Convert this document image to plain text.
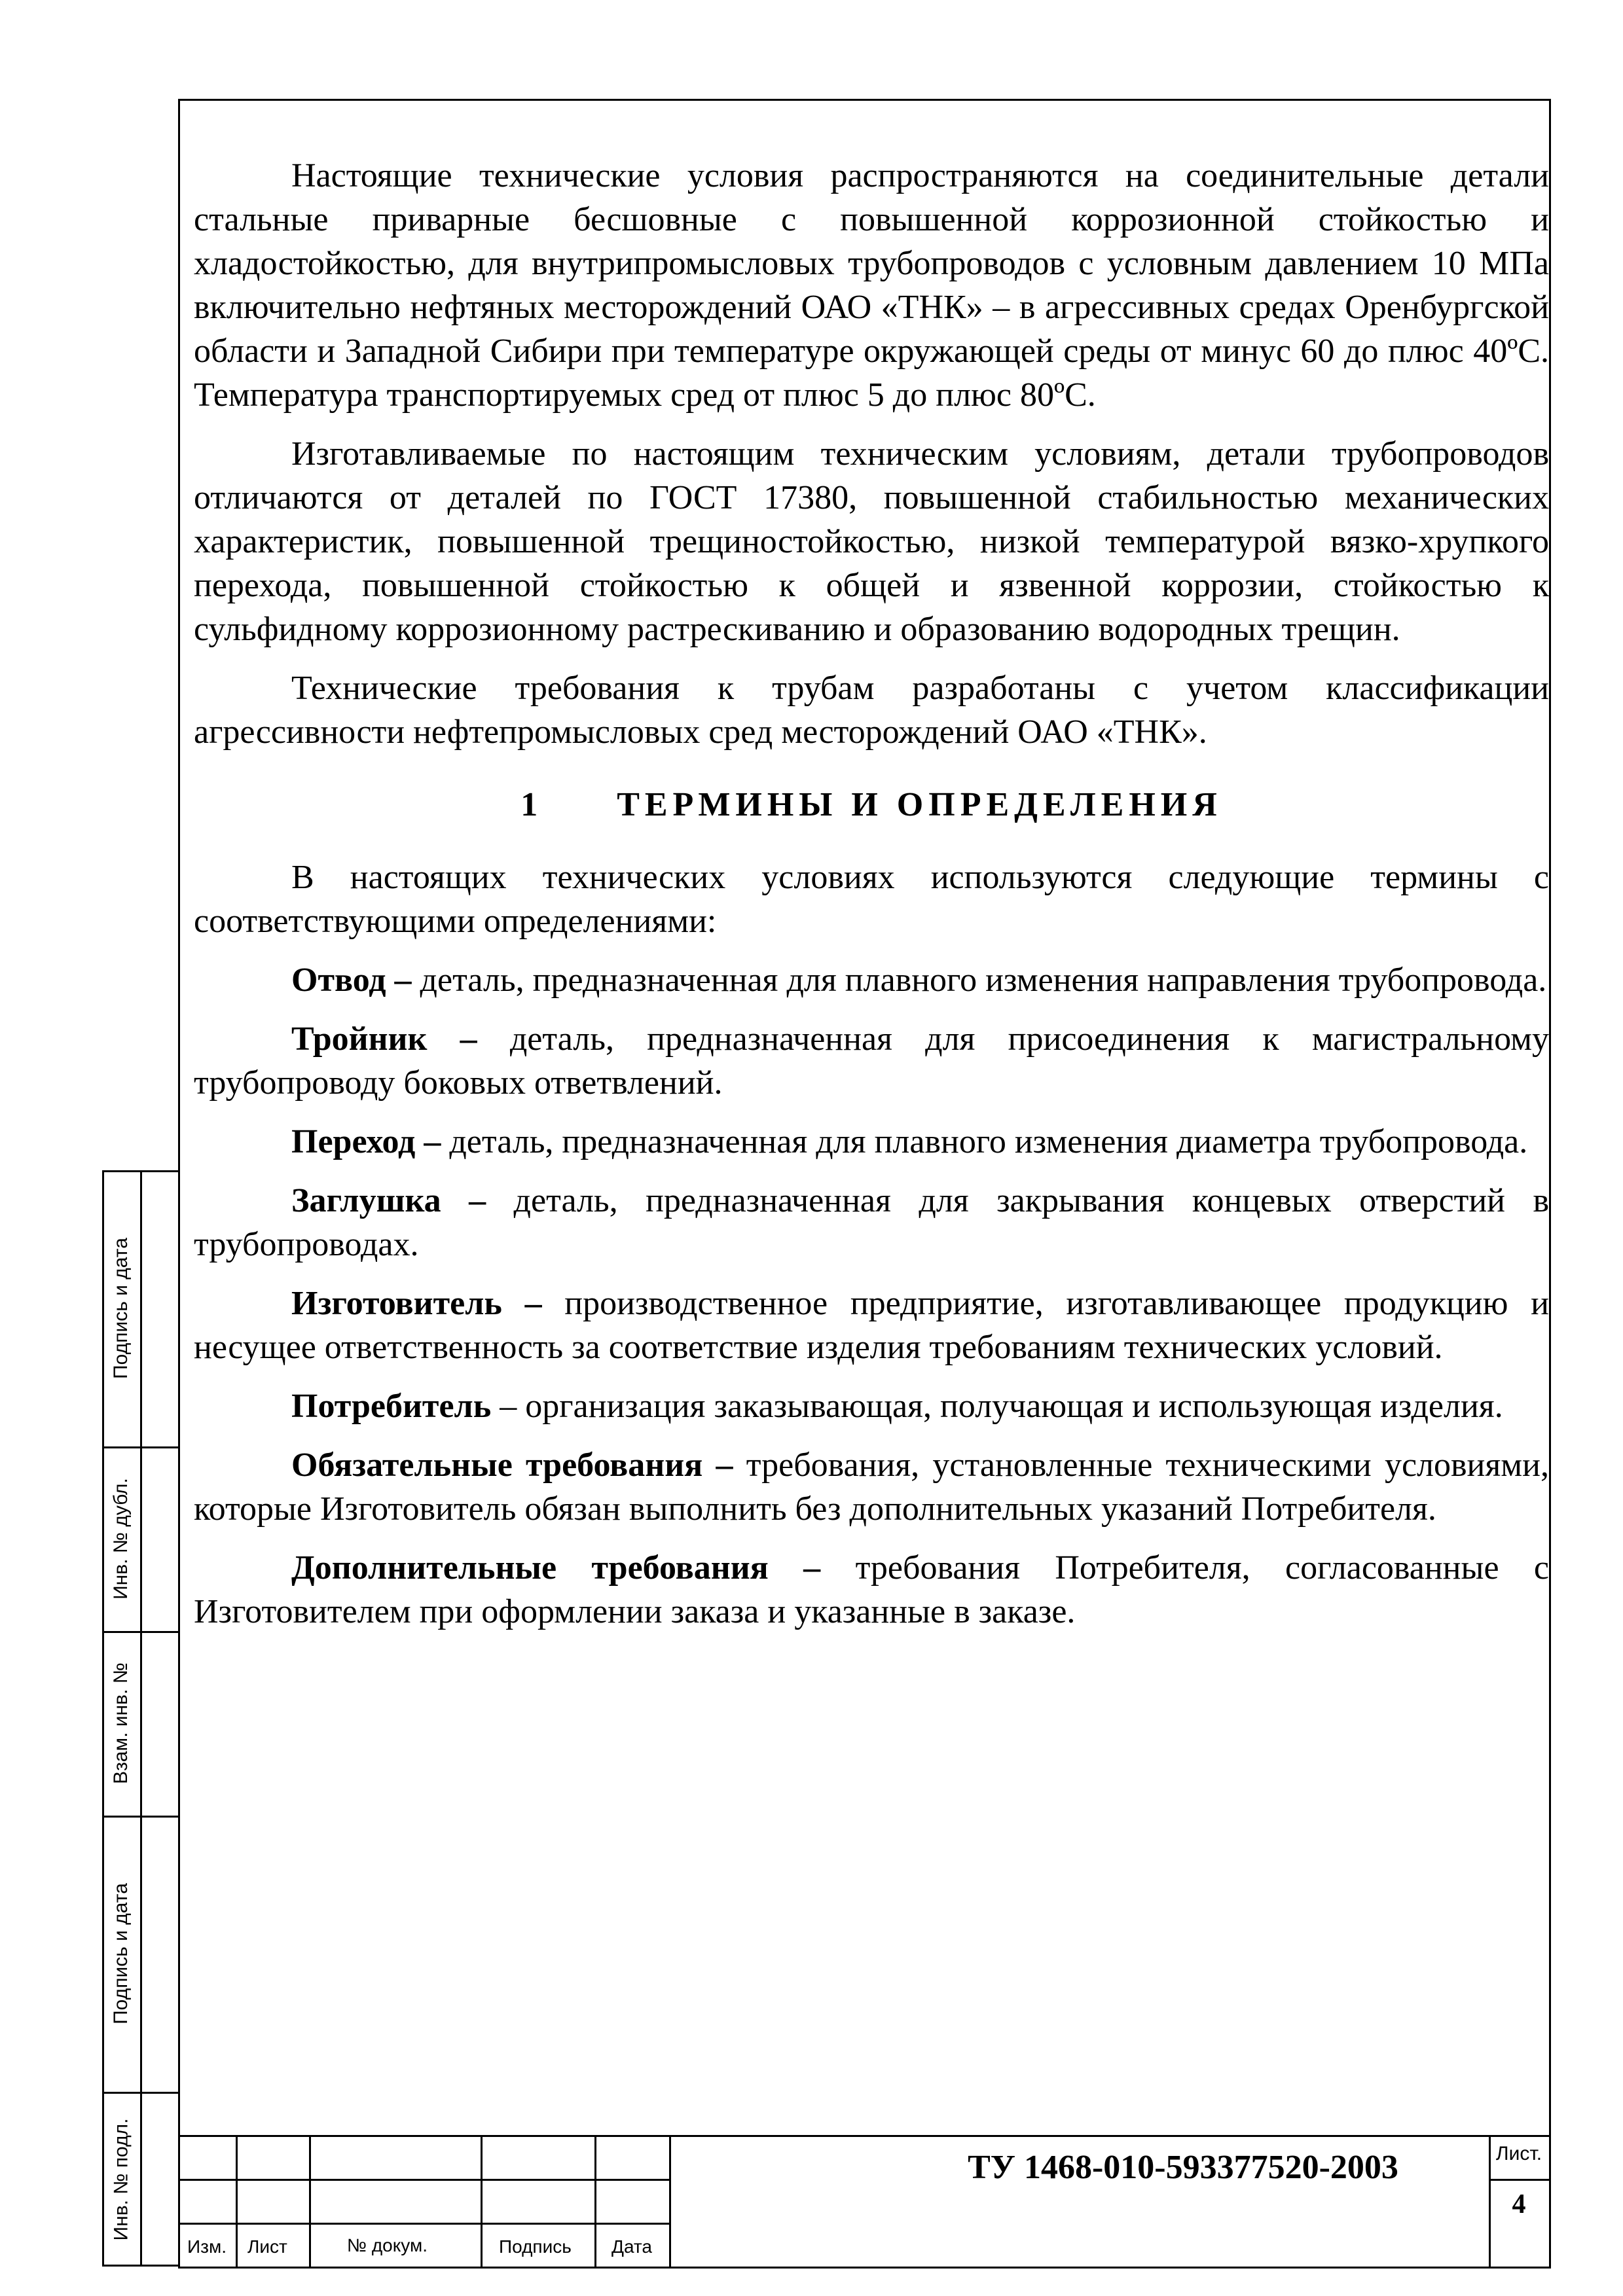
Настоящие технические условия распространяются на соединительные детали стальные приварные бесшовные с повышенной коррозионной стойкостью и хладостойкостью, для внутрипромысловых трубопроводов с условным давлением 10 МПа включительно нефтяных месторождений ОАО «ТНК» – в агрессивных средах Оренбургской области и Западной Сибири при температуре окружающей среды от минус 60 до плюс 40ºС. Температура транспортируемых сред от плюс 5 до плюс 80ºС.

Изготавливаемые по настоящим техническим условиям, детали трубопроводов отличаются от деталей по ГОСТ 17380, повышенной стабильностью механических характеристик, повышенной трещиностойкостью, низкой температурой вязко-хрупкого перехода, повышенной стойкостью к общей и язвенной коррозии, стойкостью к сульфидному коррозионному растрескиванию и образованию водородных трещин.

Технические требования к трубам разработаны с учетом классификации агрессивности нефтепромысловых сред месторождений ОАО «ТНК».

1 ТЕРМИНЫ И ОПРЕДЕЛЕНИЯ

В настоящих технических условиях используются следующие термины с соответствующими определениями:

Отвод – деталь, предназначенная для плавного изменения направления трубопровода.

Тройник – деталь, предназначенная для присоединения к магистральному трубопроводу боковых ответвлений.

Переход – деталь, предназначенная для плавного изменения диаметра трубопровода.

Заглушка – деталь, предназначенная для закрывания концевых отверстий в трубопроводах.

Изготовитель – производственное предприятие, изготавливающее продукцию и несущее ответственность за соответствие изделия требованиям технических условий.

Потребитель – организация заказывающая, получающая и использующая изделия.

Обязательные требования – требования, установленные техническими условиями, которые Изготовитель обязан выполнить без дополнительных указаний Потребителя.

Дополнительные требования – требования Потребителя, согласованные с Изготовителем при оформлении заказа и указанные в заказе.

Подпись и дата
Инв. № дубл.
Взам. инв. №
Подпись и дата
Инв. № подл.
Изм. Лист	№ докум.	Подпись Дата
ТУ 1468-010-593377520-2003	Лист.
4
